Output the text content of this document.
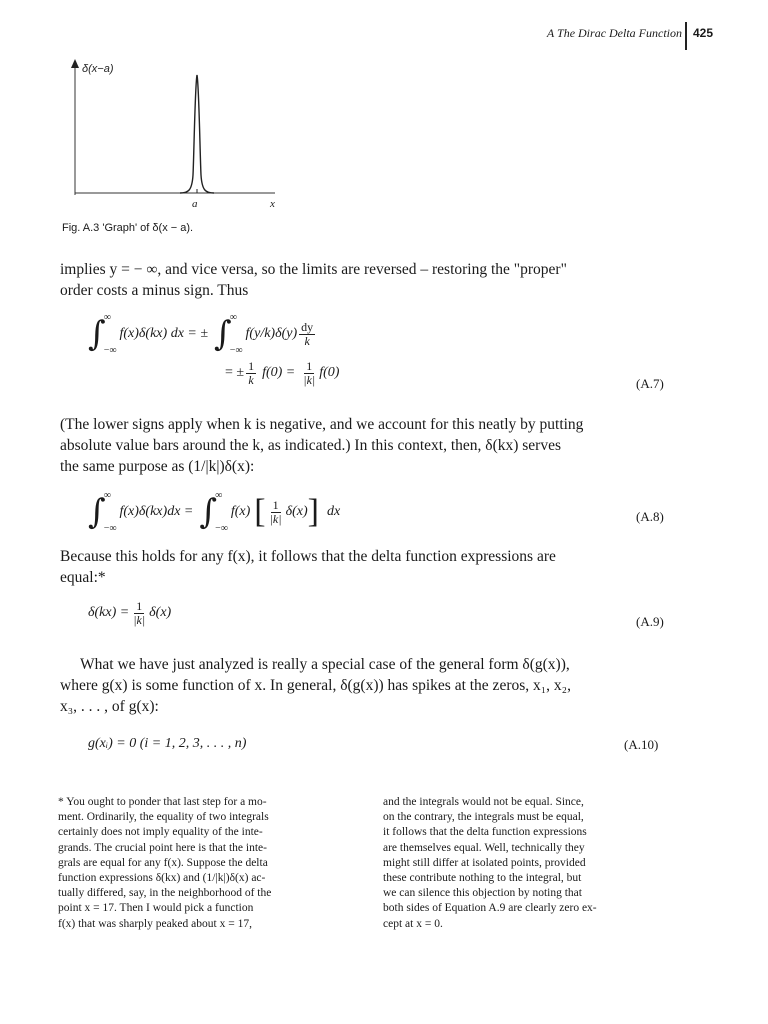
A The Dirac Delta Function 425
δ(x−a)
a	x
Fig. A.3 'Graph' of δ(x − a).
implies y = − ∞, and vice versa, so the limits are reversed – restoring the "proper"
order costs a minus sign. Thus
∫
∞
−∞
f(x)δ(kx) dx = ± ∫
∞
−∞
$f(y/k)\delta(y) \frac{dy}{k}$
= ± $\frac{1}{k} f(0) = \frac{1}{|k|} f(0)$
(A.7)
(The lower signs apply when k is negative, and we account for this neatly by putting
absolute value bars around the k, as indicated.) In this context, then, δ(kx) serves
the same purpose as (1/|k|)δ(x):
∫
∞
−∞
f(x)δ(kx)dx = ∫
∞
−∞
f(x) [ $\frac{1}{|k|} \delta(x)$ ] dx	(A.8)
Because this holds for any f(x), it follows that the delta function expressions are
equal:*
$\delta(kx) = \frac{1}{|k|} \delta(x)$
(A.9)
What we have just analyzed is really a special case of the general form δ(g(x)),
where g(x) is some function of x. In general, δ(g(x)) has spikes at the zeros, x₁, x₂,
x₃, . . . , of g(x):
g(xᵢ) = 0 (i = 1, 2, 3, . . . , n)	(A.10)
* You ought to ponder that last step for a mo-
ment. Ordinarily, the equality of two integrals
certainly does not imply equality of the inte-
grands. The crucial point here is that the inte-
grals are equal for any f(x). Suppose the delta
function expressions δ(kx) and (1/|k|)δ(x) ac-
tually differed, say, in the neighborhood of the
point x = 17. Then I would pick a function
f(x) that was sharply peaked about x = 17,
and the integrals would not be equal. Since,
on the contrary, the integrals must be equal,
it follows that the delta function expressions
are themselves equal. Well, technically they
might still differ at isolated points, provided
these contribute nothing to the integral, but
we can silence this objection by noting that
both sides of Equation A.9 are clearly zero ex-
cept at x = 0.
